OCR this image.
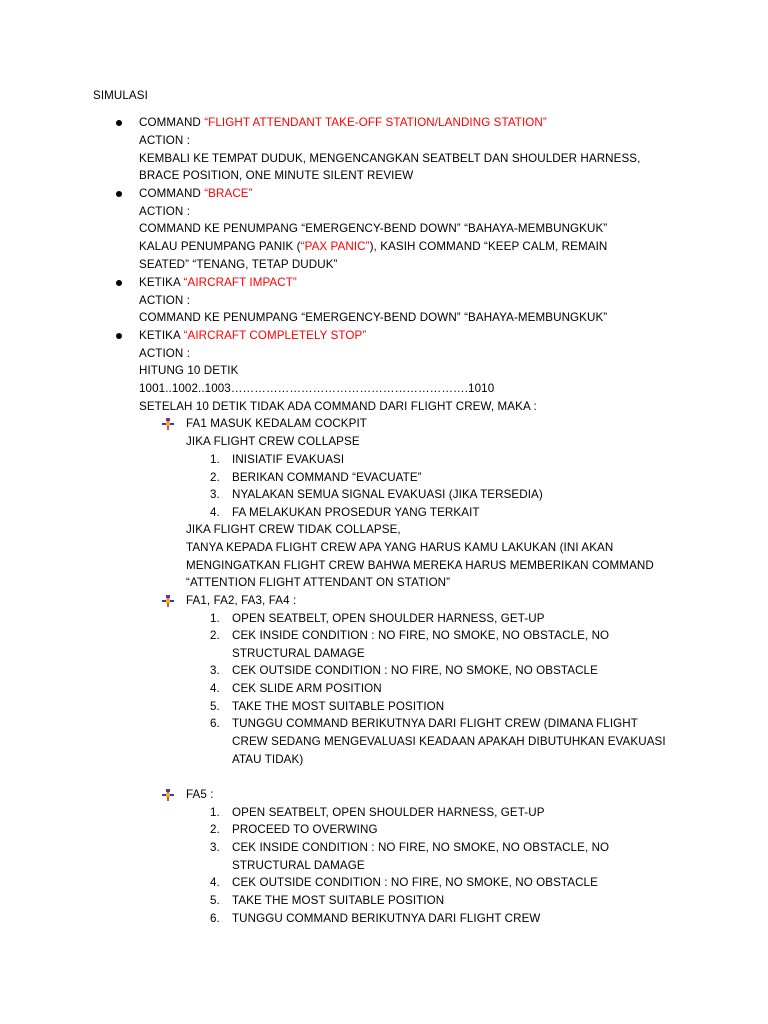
SIMULASI
COMMAND “FLIGHT ATTENDANT TAKE-OFF STATION/LANDING STATION”
ACTION :
KEMBALI KE TEMPAT DUDUK, MENGENCANGKAN SEATBELT DAN SHOULDER HARNESS,
BRACE POSITION, ONE MINUTE SILENT REVIEW
COMMAND “BRACE”
ACTION :
COMMAND KE PENUMPANG “EMERGENCY-BEND DOWN” “BAHAYA-MEMBUNGKUK”
KALAU PENUMPANG PANIK (“PAX PANIC”), KASIH COMMAND “KEEP CALM, REMAIN
SEATED” “TENANG, TETAP DUDUK”
KETIKA “AIRCRAFT IMPACT”
ACTION :
COMMAND KE PENUMPANG “EMERGENCY-BEND DOWN” “BAHAYA-MEMBUNGKUK”
KETIKA “AIRCRAFT COMPLETELY STOP”
ACTION :
HITUNG 10 DETIK
1001..1002..1003…………………………………………………….1010
SETELAH 10 DETIK TIDAK ADA COMMAND DARI FLIGHT CREW, MAKA :
FA1 MASUK KEDALAM COCKPIT
JIKA FLIGHT CREW COLLAPSE
1. INISIATIF EVAKUASI
2. BERIKAN COMMAND “EVACUATE”
3. NYALAKAN SEMUA SIGNAL EVAKUASI (JIKA TERSEDIA)
4. FA MELAKUKAN PROSEDUR YANG TERKAIT
JIKA FLIGHT CREW TIDAK COLLAPSE,
TANYA KEPADA FLIGHT CREW APA YANG HARUS KAMU LAKUKAN (INI AKAN
MENGINGATKAN FLIGHT CREW BAHWA MEREKA HARUS MEMBERIKAN COMMAND
“ATTENTION FLIGHT ATTENDANT ON STATION”
FA1, FA2, FA3, FA4 :
1. OPEN SEATBELT, OPEN SHOULDER HARNESS, GET-UP
2. CEK INSIDE CONDITION : NO FIRE, NO SMOKE, NO OBSTACLE, NO
STRUCTURAL DAMAGE
3. CEK OUTSIDE CONDITION : NO FIRE, NO SMOKE, NO OBSTACLE
4. CEK SLIDE ARM POSITION
5. TAKE THE MOST SUITABLE POSITION
6. TUNGGU COMMAND BERIKUTNYA DARI FLIGHT CREW (DIMANA FLIGHT
CREW SEDANG MENGEVALUASI KEADAAN APAKAH DIBUTUHKAN EVAKUASI
ATAU TIDAK)
FA5 :
1. OPEN SEATBELT, OPEN SHOULDER HARNESS, GET-UP
2. PROCEED TO OVERWING
3. CEK INSIDE CONDITION : NO FIRE, NO SMOKE, NO OBSTACLE, NO
STRUCTURAL DAMAGE
4. CEK OUTSIDE CONDITION : NO FIRE, NO SMOKE, NO OBSTACLE
5. TAKE THE MOST SUITABLE POSITION
6. TUNGGU COMMAND BERIKUTNYA DARI FLIGHT CREW
